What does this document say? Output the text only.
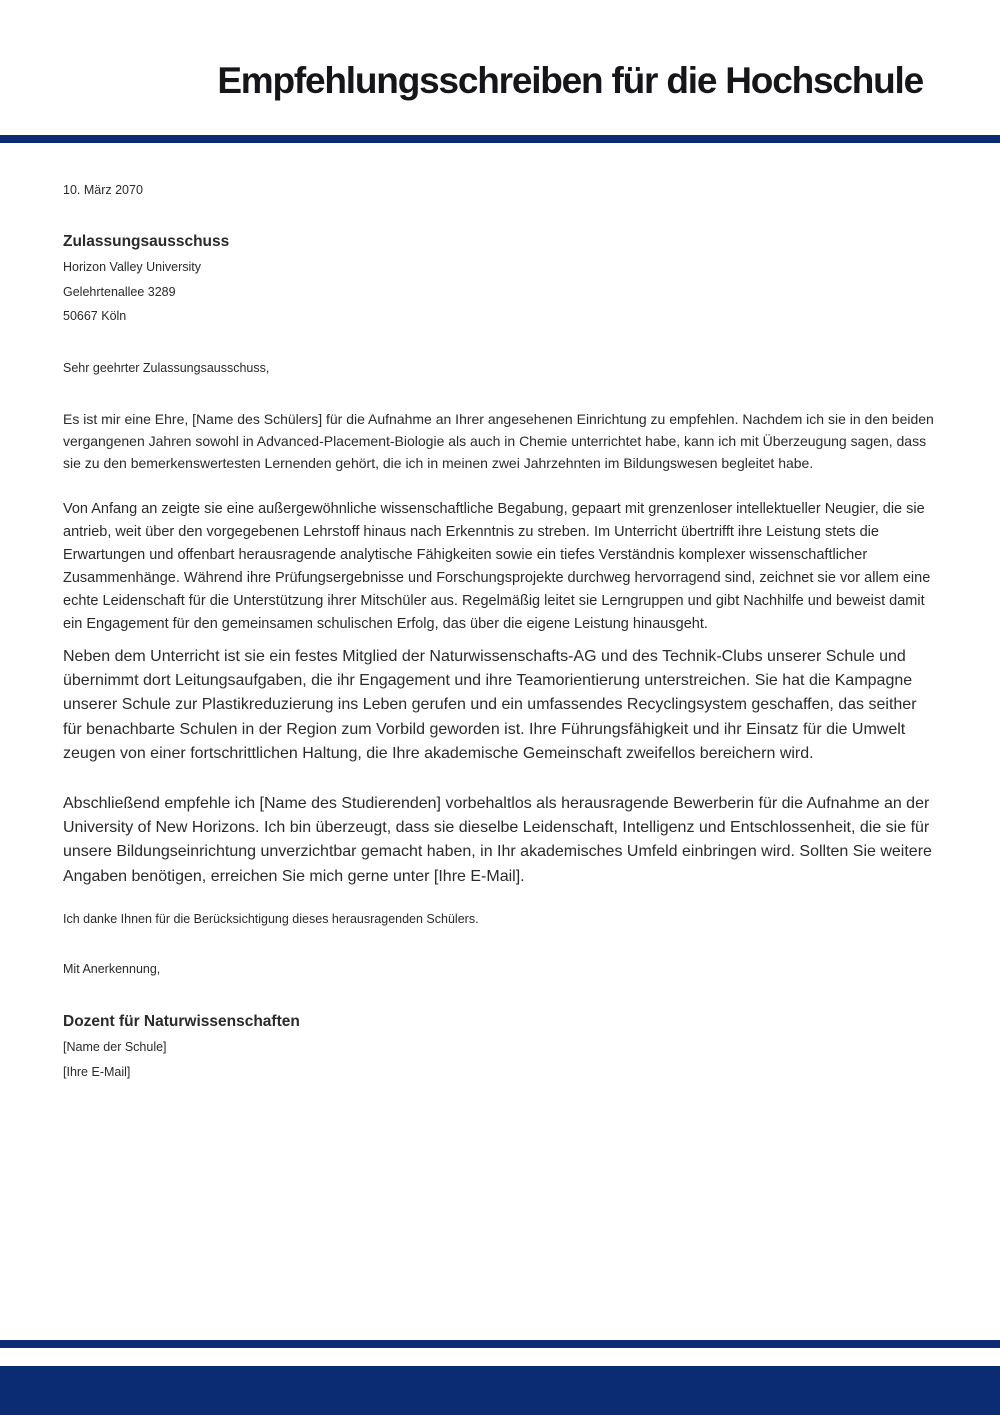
Empfehlungsschreiben für die Hochschule
10. März 2070
Zulassungsausschuss
Horizon Valley University
Gelehrtenallee 3289
50667 Köln
Sehr geehrter Zulassungsausschuss,

Es ist mir eine Ehre, [Name des Schülers] für die Aufnahme an Ihrer angesehenen Einrichtung zu empfehlen. Nachdem ich sie in den beiden vergangenen Jahren sowohl in Advanced-Placement-Biologie als auch in Chemie unterrichtet habe, kann ich mit Überzeugung sagen, dass sie zu den bemerkenswertesten Lernenden gehört, die ich in meinen zwei Jahrzehnten im Bildungswesen begleitet habe.

Von Anfang an zeigte sie eine außergewöhnliche wissenschaftliche Begabung, gepaart mit grenzenloser intellektueller Neugier, die sie antrieb, weit über den vorgegebenen Lehrstoff hinaus nach Erkenntnis zu streben. Im Unterricht übertrifft ihre Leistung stets die Erwartungen und offenbart herausragende analytische Fähigkeiten sowie ein tiefes Verständnis komplexer wissenschaftlicher Zusammenhänge. Während ihre Prüfungsergebnisse und Forschungsprojekte durchweg hervorragend sind, zeichnet sie vor allem eine echte Leidenschaft für die Unterstützung ihrer Mitschüler aus. Regelmäßig leitet sie Lerngruppen und gibt Nachhilfe und beweist damit ein Engagement für den gemeinsamen schulischen Erfolg, das über die eigene Leistung hinausgeht.

Neben dem Unterricht ist sie ein festes Mitglied der Naturwissenschafts-AG und des Technik-Clubs unserer Schule und übernimmt dort Leitungsaufgaben, die ihr Engagement und ihre Teamorientierung unterstreichen. Sie hat die Kampagne unserer Schule zur Plastikreduzierung ins Leben gerufen und ein umfassendes Recyclingsystem geschaffen, das seither für benachbarte Schulen in der Region zum Vorbild geworden ist. Ihre Führungsfähigkeit und ihr Einsatz für die Umwelt zeugen von einer fortschrittlichen Haltung, die Ihre akademische Gemeinschaft zweifellos bereichern wird.

Abschließend empfehle ich [Name des Studierenden] vorbehaltlos als herausragende Bewerberin für die Aufnahme an der University of New Horizons. Ich bin überzeugt, dass sie dieselbe Leidenschaft, Intelligenz und Entschlossenheit, die sie für unsere Bildungseinrichtung unverzichtbar gemacht haben, in Ihr akademisches Umfeld einbringen wird. Sollten Sie weitere Angaben benötigen, erreichen Sie mich gerne unter [Ihre E-Mail].

Ich danke Ihnen für die Berücksichtigung dieses herausragenden Schülers.
Mit Anerkennung,
Dozent für Naturwissenschaften
[Name der Schule]
[Ihre E-Mail]
